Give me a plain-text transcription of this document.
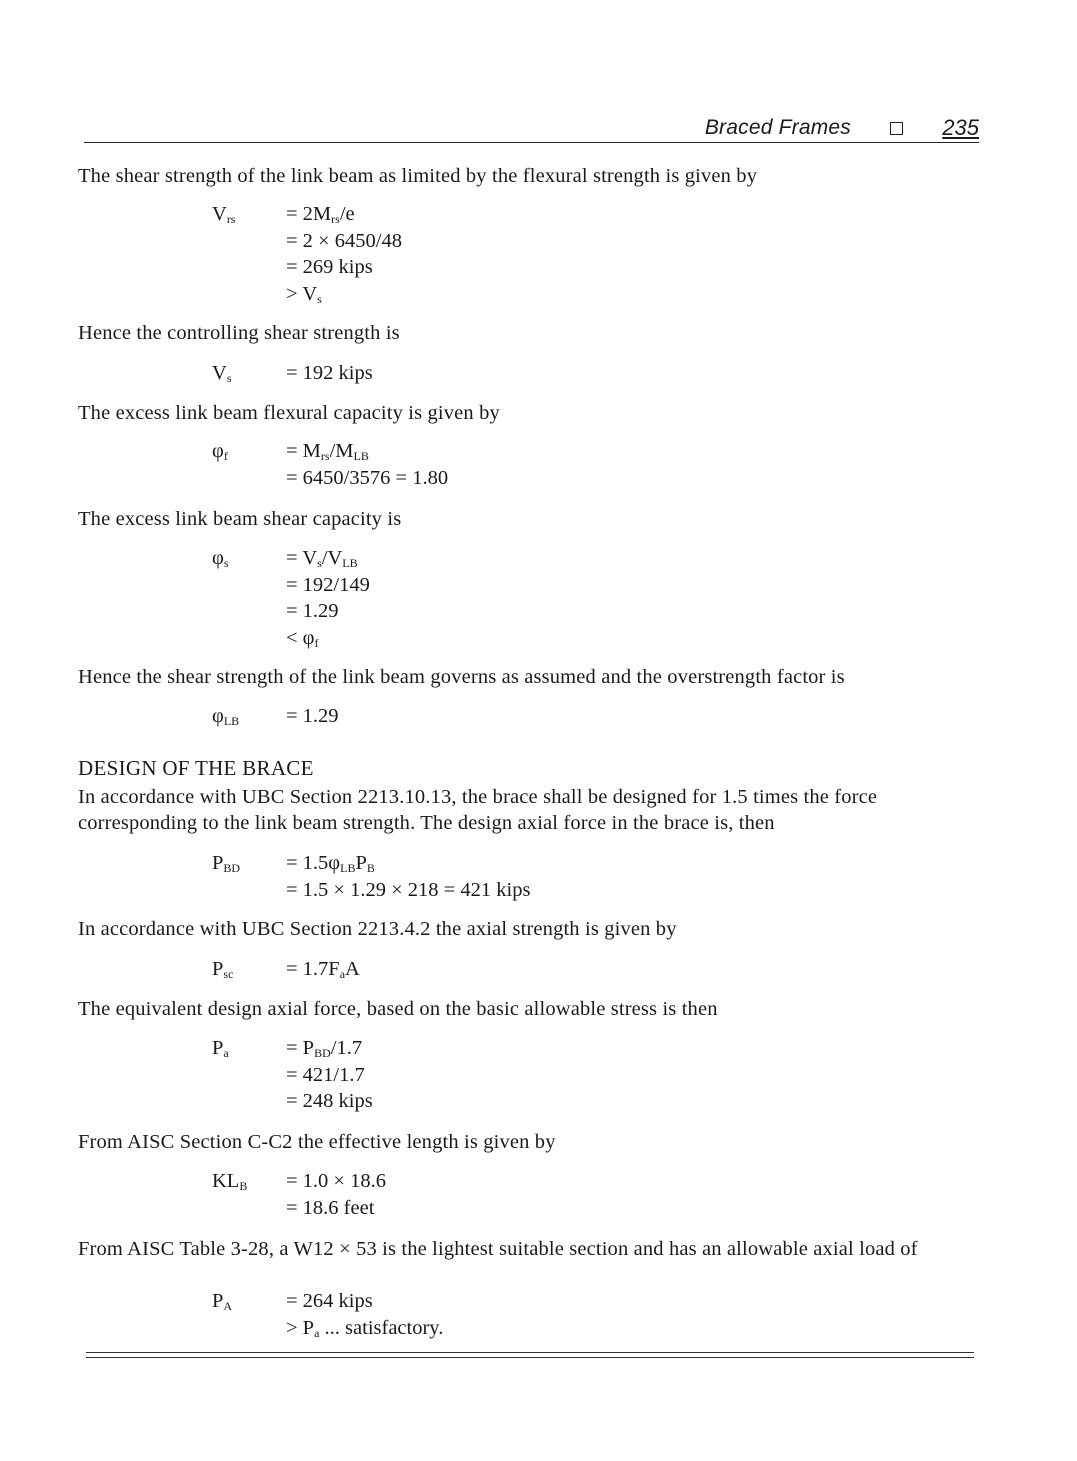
Braced Frames	235
The shear strength of the link beam as limited by the flexural strength is given by
$V_{rs} = 2M_{rs}/e$
= 2 × 6450/48
= 269 kips
> $V_s$
Hence the controlling shear strength is
$V_s$	= 192 kips
The excess link beam flexural capacity is given by
$\varphi_f$	= $M_{rs}/M_{LB}$
= 6450/3576 = 1.80
The excess link beam shear capacity is
$\varphi_s$	= $V_s/V_{LB}$
= 192/149
= 1.29
< $\varphi_f$
Hence the shear strength of the link beam governs as assumed and the overstrength factor is
$\varphi_{LB} = 1.29$
DESIGN OF THE BRACE
In accordance with UBC Section 2213.10.13, the brace shall be designed for 1.5 times the force corresponding to the link beam strength. The design axial force in the brace is, then
$P_{BD} = 1.5\varphi_{LB}P_B$
= 1.5 × 1.29 × 218 = 421 kips
In accordance with UBC Section 2213.4.2 the axial strength is given by
$P_{sc}$	= $1.7F_aA$
The equivalent design axial force, based on the basic allowable stress is then
$P_a$	= $P_{BD}/1.7$
= 421/1.7
= 248 kips
From AISC Section C-C2 the effective length is given by
$KL_B = 1.0 \times 18.6$
= 18.6 feet
From AISC Table 3-28, a W12 × 53 is the lightest suitable section and has an allowable axial load of
$P_A$	= 264 kips
> $P_a$ ... satisfactory.
